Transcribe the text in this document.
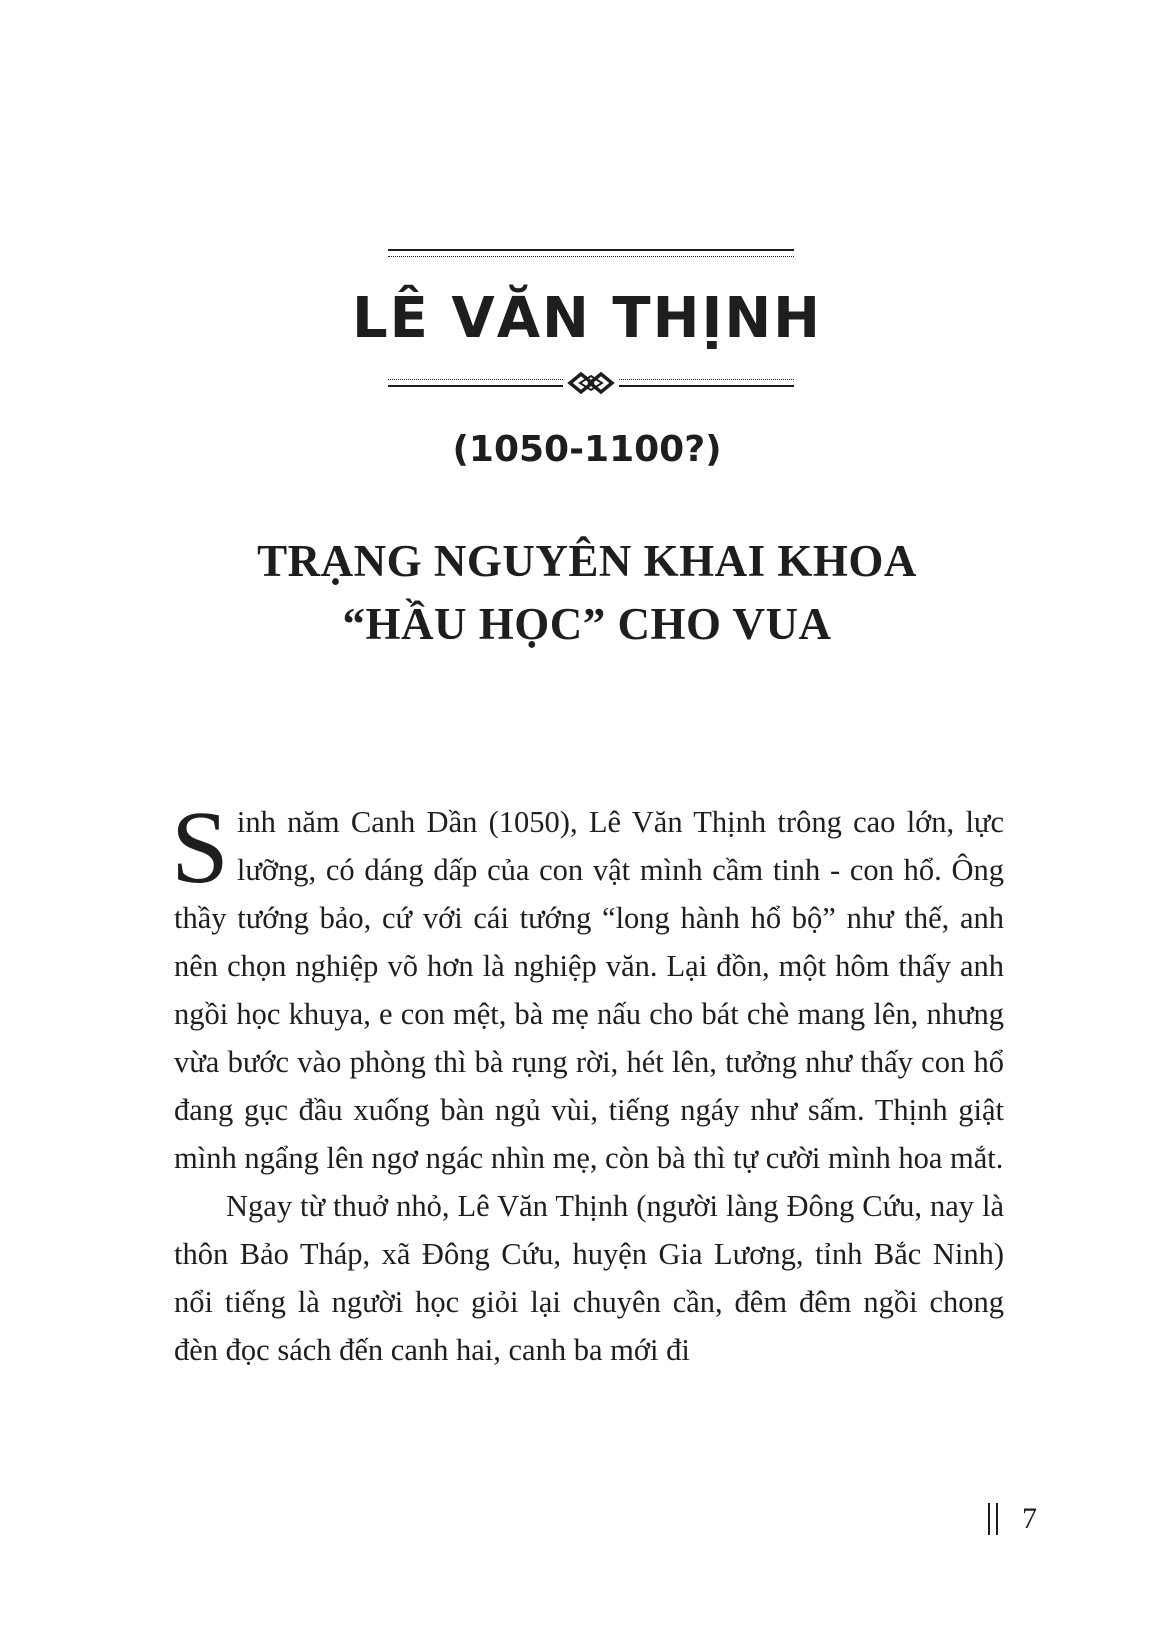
LÊ VĂN THỊNH
(1050-1100?)
TRẠNG NGUYÊN KHAI KHOA
“HẦU HỌC” CHO VUA

Sinh năm Canh Dần (1050), Lê Văn Thịnh trông cao lớn, lực lưỡng, có dáng dấp của con vật mình cầm tinh - con hổ. Ông thầy tướng bảo, cứ với cái tướng “long hành hổ bộ” như thế, anh nên chọn nghiệp võ hơn là nghiệp văn. Lại đồn, một hôm thấy anh ngồi học khuya, e con mệt, bà mẹ nấu cho bát chè mang lên, nhưng vừa bước vào phòng thì bà rụng rời, hét lên, tưởng như thấy con hổ đang gục đầu xuống bàn ngủ vùi, tiếng ngáy như sấm. Thịnh giật mình ngẩng lên ngơ ngác nhìn mẹ, còn bà thì tự cười mình hoa mắt.

Ngay từ thuở nhỏ, Lê Văn Thịnh (người làng Đông Cứu, nay là thôn Bảo Tháp, xã Đông Cứu, huyện Gia Lương, tỉnh Bắc Ninh) nổi tiếng là người học giỏi lại chuyên cần, đêm đêm ngồi chong đèn đọc sách đến canh hai, canh ba mới đi

7
